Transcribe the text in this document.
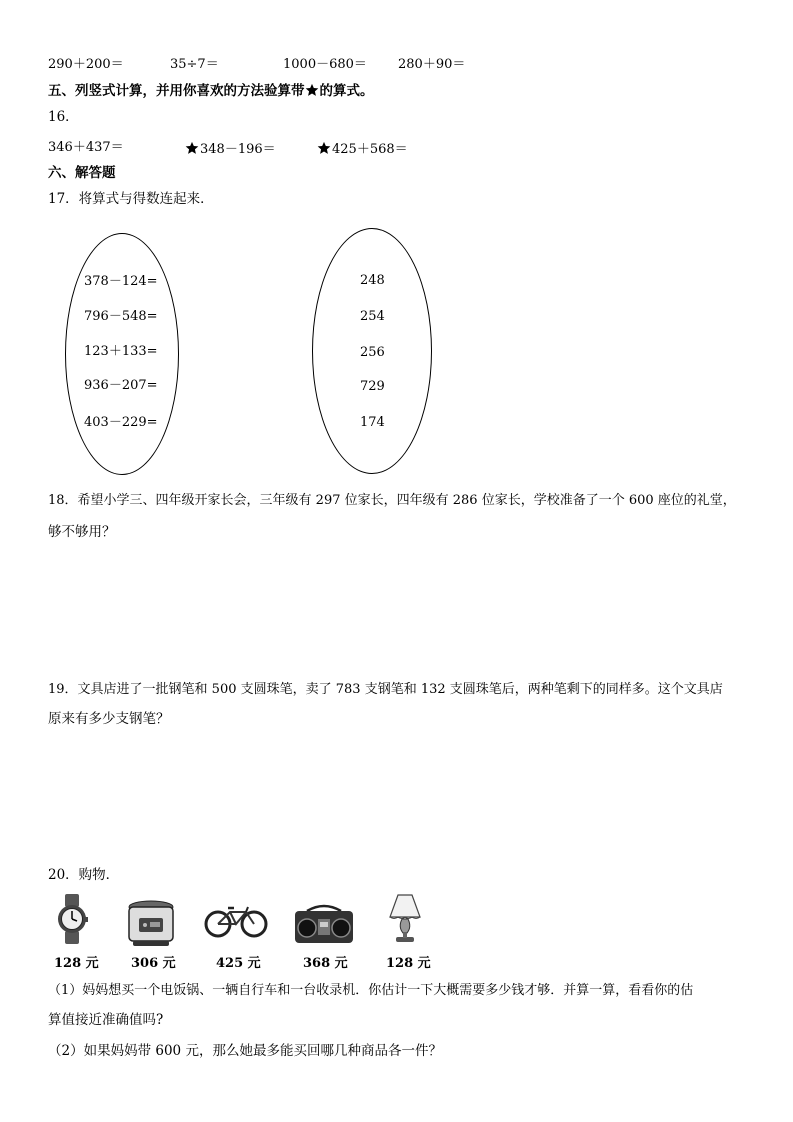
290＋200＝	35÷7＝	1000－680＝ 280＋90＝
五、列竖式计算，并用你喜欢的方法验算带 的算式。
16．
346＋437＝	348－196＝	425＋568＝
六、解答题
17．将算式与得数连起来．
378－124=
796－548=
123＋133=
936－207=
403－229=
248
254
256
729
174
18．希望小学三、四年级开家长会，三年级有 297 位家长，四年级有 286 位家长，学校准备了一个 600 座位的礼堂，
够不够用？
19．文具店进了一批钢笔和 500 支圆珠笔，卖了 783 支钢笔和 132 支圆珠笔后，两种笔剩下的同样多。这个文具店
原来有多少支钢笔？
20．购物．
128 元 306 元	425 元	368 元	128 元
（1）妈妈想买一个电饭锅、一辆自行车和一台收录机．你估计一下大概需要多少钱才够．并算一算，看看你的估
算值接近准确值吗?
（2）如果妈妈带 600 元，那么她最多能买回哪几种商品各一件？
